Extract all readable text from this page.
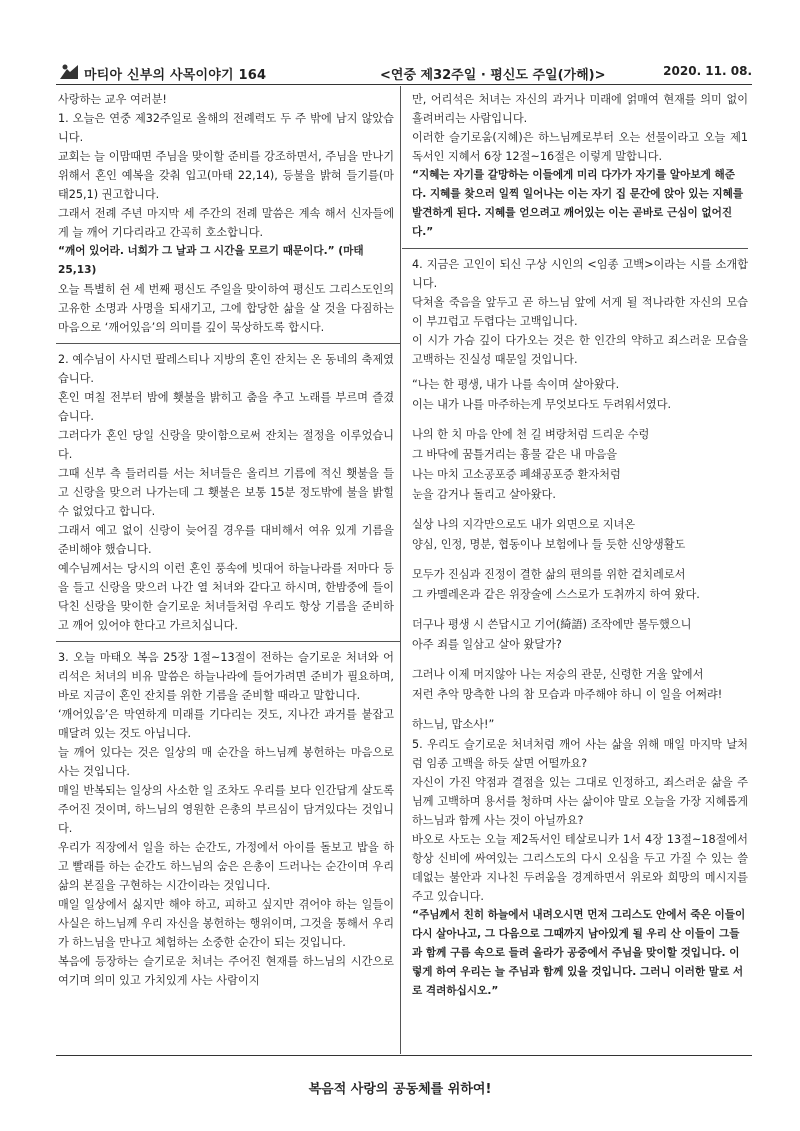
마티아 신부의 사목이야기 164	<연중 제32주일 · 평신도 주일(가해)>	2020. 11. 08.

사랑하는 교우 여러분!
1. 오늘은 연중 제32주일로 올해의 전례력도 두 주 밖에 남지 않았습니다.
교회는 늘 이맘때면 주님을 맞이할 준비를 강조하면서, 주님을 만나기 위해서 혼인 예복을 갖춰 입고(마태 22,14), 등불을 밝혀 들기를(마태25,1) 권고합니다.
그래서 전례 주년 마지막 세 주간의 전례 말씀은 계속 해서 신자들에게 늘 깨어 기다리라고 간곡히 호소합니다.

“깨어 있어라. 너희가 그 날과 그 시간을 모르기 때문이다.” (마태25,13)

오늘 특별히 쉰 세 번째 평신도 주일을 맞이하여 평신도 그리스도인의 고유한 소명과 사명을 되새기고, 그에 합당한 삶을 살 것을 다짐하는 마음으로 ‘깨어있음’의 의미를 깊이 묵상하도록 합시다.

2. 예수님이 사시던 팔레스티나 지방의 혼인 잔치는 온 동네의 축제였습니다.
혼인 며칠 전부터 밤에 횃불을 밝히고 춤을 추고 노래를 부르며 즐겼습니다.
그러다가 혼인 당일 신랑을 맞이함으로써 잔치는 절정을 이루었습니다.
그때 신부 측 들러리를 서는 처녀들은 올리브 기름에 적신 횃불을 들고 신랑을 맞으러 나가는데 그 횃불은 보통 15분 정도밖에 불을 밝힐 수 없었다고 합니다.
그래서 예고 없이 신랑이 늦어질 경우를 대비해서 여유 있게 기름을 준비해야 했습니다.
예수님께서는 당시의 이런 혼인 풍속에 빗대어 하늘나라를 저마다 등을 들고 신랑을 맞으러 나간 열 처녀와 같다고 하시며, 한밤중에 들이닥친 신랑을 맞이한 슬기로운 처녀들처럼 우리도 항상 기름을 준비하고 깨어 있어야 한다고 가르치십니다.

3. 오늘 마태오 복음 25장 1절~13절이 전하는 슬기로운 처녀와 어리석은 처녀의 비유 말씀은 하늘나라에 들어가려면 준비가 필요하며, 바로 지금이 혼인 잔치를 위한 기름을 준비할 때라고 말합니다.
‘깨어있음’은 막연하게 미래를 기다리는 것도, 지나간 과거를 붙잡고 매달려 있는 것도 아닙니다.
늘 깨어 있다는 것은 일상의 매 순간을 하느님께 봉헌하는 마음으로 사는 것입니다.
매일 반복되는 일상의 사소한 일 조차도 우리를 보다 인간답게 살도록 주어진 것이며, 하느님의 영원한 은총의 부르심이 담겨있다는 것입니다.
우리가 직장에서 일을 하는 순간도, 가정에서 아이를 돌보고 밥을 하고 빨래를 하는 순간도 하느님의 숨은 은총이 드러나는 순간이며 우리 삶의 본질을 구현하는 시간이라는 것입니다.
매일 일상에서 싫지만 해야 하고, 피하고 싶지만 겪어야 하는 일들이 사실은 하느님께 우리 자신을 봉헌하는 행위이며, 그것을 통해서 우리가 하느님을 만나고 체험하는 소중한 순간이 되는 것입니다.
복음에 등장하는 슬기로운 처녀는 주어진 현재를 하느님의 시간으로 여기며 의미 있고 가치있게 사는 사람이지

만, 어리석은 처녀는 자신의 과거나 미래에 얽매여 현재를 의미 없이 흘려버리는 사람입니다.
이러한 슬기로움(지혜)은 하느님께로부터 오는 선물이라고 오늘 제1독서인 지혜서 6장 12절~16절은 이렇게 말합니다.

“지혜는 자기를 갈망하는 이들에게 미리 다가가 자기를 알아보게 해준다. 지혜를 찾으러 일찍 일어나는 이는 자기 집 문간에 앉아 있는 지혜를 발견하게 된다. 지혜를 얻으려고 깨어있는 이는 곧바로 근심이 없어진다.”

4. 지금은 고인이 되신 구상 시인의 <임종 고백>이라는 시를 소개합니다.
닥쳐올 죽음을 앞두고 곧 하느님 앞에 서게 될 적나라한 자신의 모습이 부끄럽고 두렵다는 고백입니다.
이 시가 가슴 깊이 다가오는 것은 한 인간의 약하고 죄스러운 모습을 고백하는 진실성 때문일 것입니다.

“나는 한 평생, 내가 나를 속이며 살아왔다.
이는 내가 나를 마주하는게 무엇보다도 두려워서였다.

나의 한 치 마음 안에 천 길 벼랑처럼 드리운 수렁
그 바닥에 꿈틀거리는 흉물 같은 내 마음을
나는 마치 고소공포증 폐쇄공포증 환자처럼
눈을 감거나 돌리고 살아왔다.

실상 나의 지각만으로도 내가 외면으로 지녀온
양심, 인정, 명분, 협동이나 보험에나 들 듯한 신앙생활도

모두가 진심과 진정이 결한 삶의 편의를 위한 겉치레로서
그 카멜레온과 같은 위장술에 스스로가 도취까지 하여 왔다.

더구나 평생 시 쓴답시고 기어(綺語) 조작에만 몰두했으니
아주 죄를 일삼고 살아 왔달가?

그러나 이제 머지않아 나는 저승의 관문, 신령한 거울 앞에서
저런 추악 망측한 나의 참 모습과 마주해야 하니 이 일을 어쩌랴!

하느님, 맙소사!”

5. 우리도 슬기로운 처녀처럼 깨어 사는 삶을 위해 매일 마지막 날처럼 임종 고백을 하듯 살면 어떨까요?
자신이 가진 약점과 결점을 있는 그대로 인정하고, 죄스러운 삶을 주님께 고백하며 용서를 청하며 사는 삶이야 말로 오늘을 가장 지혜롭게 하느님과 함께 사는 것이 아닐까요?
바오로 사도는 오늘 제2독서인 테살로니카 1서 4장 13절~18절에서 항상 신비에 싸여있는 그리스도의 다시 오심을 두고 가질 수 있는 쓸데없는 불안과 지나친 두려움을 경계하면서 위로와 희망의 메시지를 주고 있습니다.

“주님께서 친히 하늘에서 내려오시면 먼저 그리스도 안에서 죽은 이들이 다시 살아나고, 그 다음으로 그때까지 남아있게 될 우리 산 이들이 그들과 함께 구름 속으로 들려 올라가 공중에서 주님을 맞이할 것입니다. 이렇게 하여 우리는 늘 주님과 함께 있을 것입니다. 그러니 이러한 말로 서로 격려하십시오.”

복음적 사랑의 공동체를 위하여!
